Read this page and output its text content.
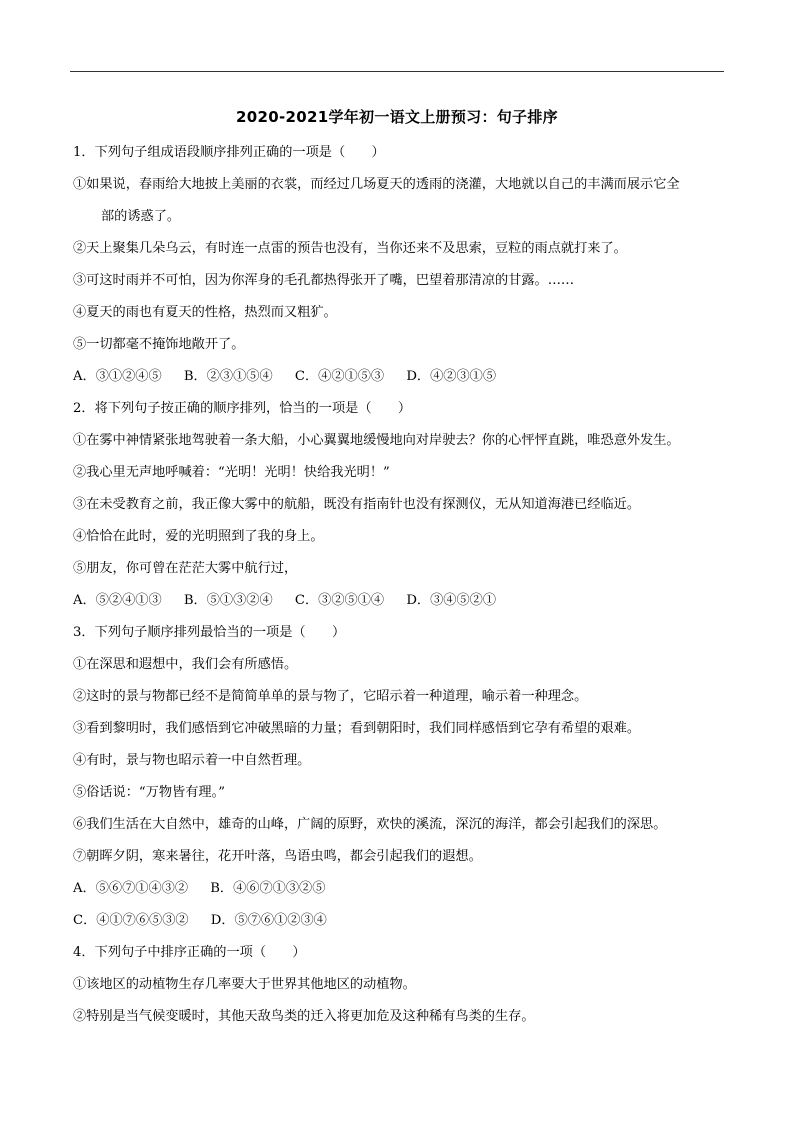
2020-2021学年初一语文上册预习：句子排序
1．下列句子组成语段顺序排列正确的一项是（　　）
①如果说，春雨给大地披上美丽的衣裳，而经过几场夏天的透雨的浇灌，大地就以自己的丰满而展示它全
部的诱惑了。
②天上聚集几朵乌云，有时连一点雷的预告也没有，当你还来不及思索，豆粒的雨点就打来了。
③可这时雨并不可怕，因为你浑身的毛孔都热得张开了嘴，巴望着那清凉的甘露。……
④夏天的雨也有夏天的性格，热烈而又粗犷。
⑤一切都毫不掩饰地敞开了。
A．③①②④⑤ B．②③①⑤④ C．④②①⑤③ D．④②③①⑤
2．将下列句子按正确的顺序排列，恰当的一项是（　　）
①在雾中神情紧张地驾驶着一条大船，小心翼翼地缓慢地向对岸驶去？你的心怦怦直跳，唯恐意外发生。
②我心里无声地呼喊着：“光明！光明！快给我光明！”
③在未受教育之前，我正像大雾中的航船，既没有指南针也没有探测仪，无从知道海港已经临近。
④恰恰在此时，爱的光明照到了我的身上。
⑤朋友，你可曾在茫茫大雾中航行过，
A．⑤②④①③ B．⑤①③②④ C．③②⑤①④ D．③④⑤②①
3．下列句子顺序排列最恰当的一项是（　　）
①在深思和遐想中，我们会有所感悟。
②这时的景与物都已经不是简简单单的景与物了，它昭示着一种道理，喻示着一种理念。
③看到黎明时，我们感悟到它冲破黑暗的力量；看到朝阳时，我们同样感悟到它孕有希望的艰难。
④有时，景与物也昭示着一中自然哲理。
⑤俗话说：“万物皆有理。”
⑥我们生活在大自然中，雄奇的山峰，广阔的原野，欢快的溪流，深沉的海洋，都会引起我们的深思。
⑦朝晖夕阴，寒来暑往，花开叶落，鸟语虫鸣，都会引起我们的遐想。
A．⑤⑥⑦①④③② B．④⑥⑦①③②⑤
C．④①⑦⑥⑤③② D．⑤⑦⑥①②③④
4．下列句子中排序正确的一项（　　）
①该地区的动植物生存几率要大于世界其他地区的动植物。
②特别是当气候变暖时，其他天敌鸟类的迁入将更加危及这种稀有鸟类的生存。
